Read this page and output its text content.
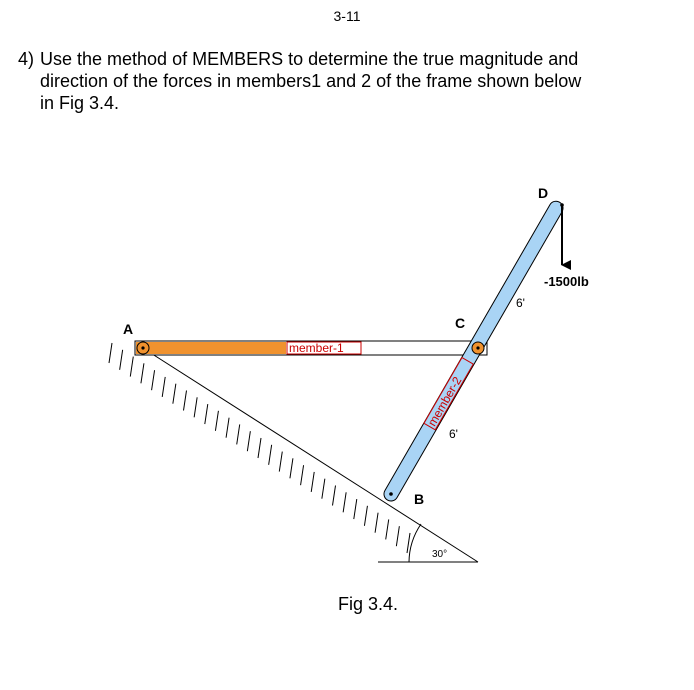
3-11
4) Use the method of MEMBERS to determine the true magnitude and
direction of the forces in members1 and 2 of the frame shown below
in Fig 3.4.
30°
member-1
member-2
-1500lb
A
B
C
D
6'
6'
Fig 3.4.
